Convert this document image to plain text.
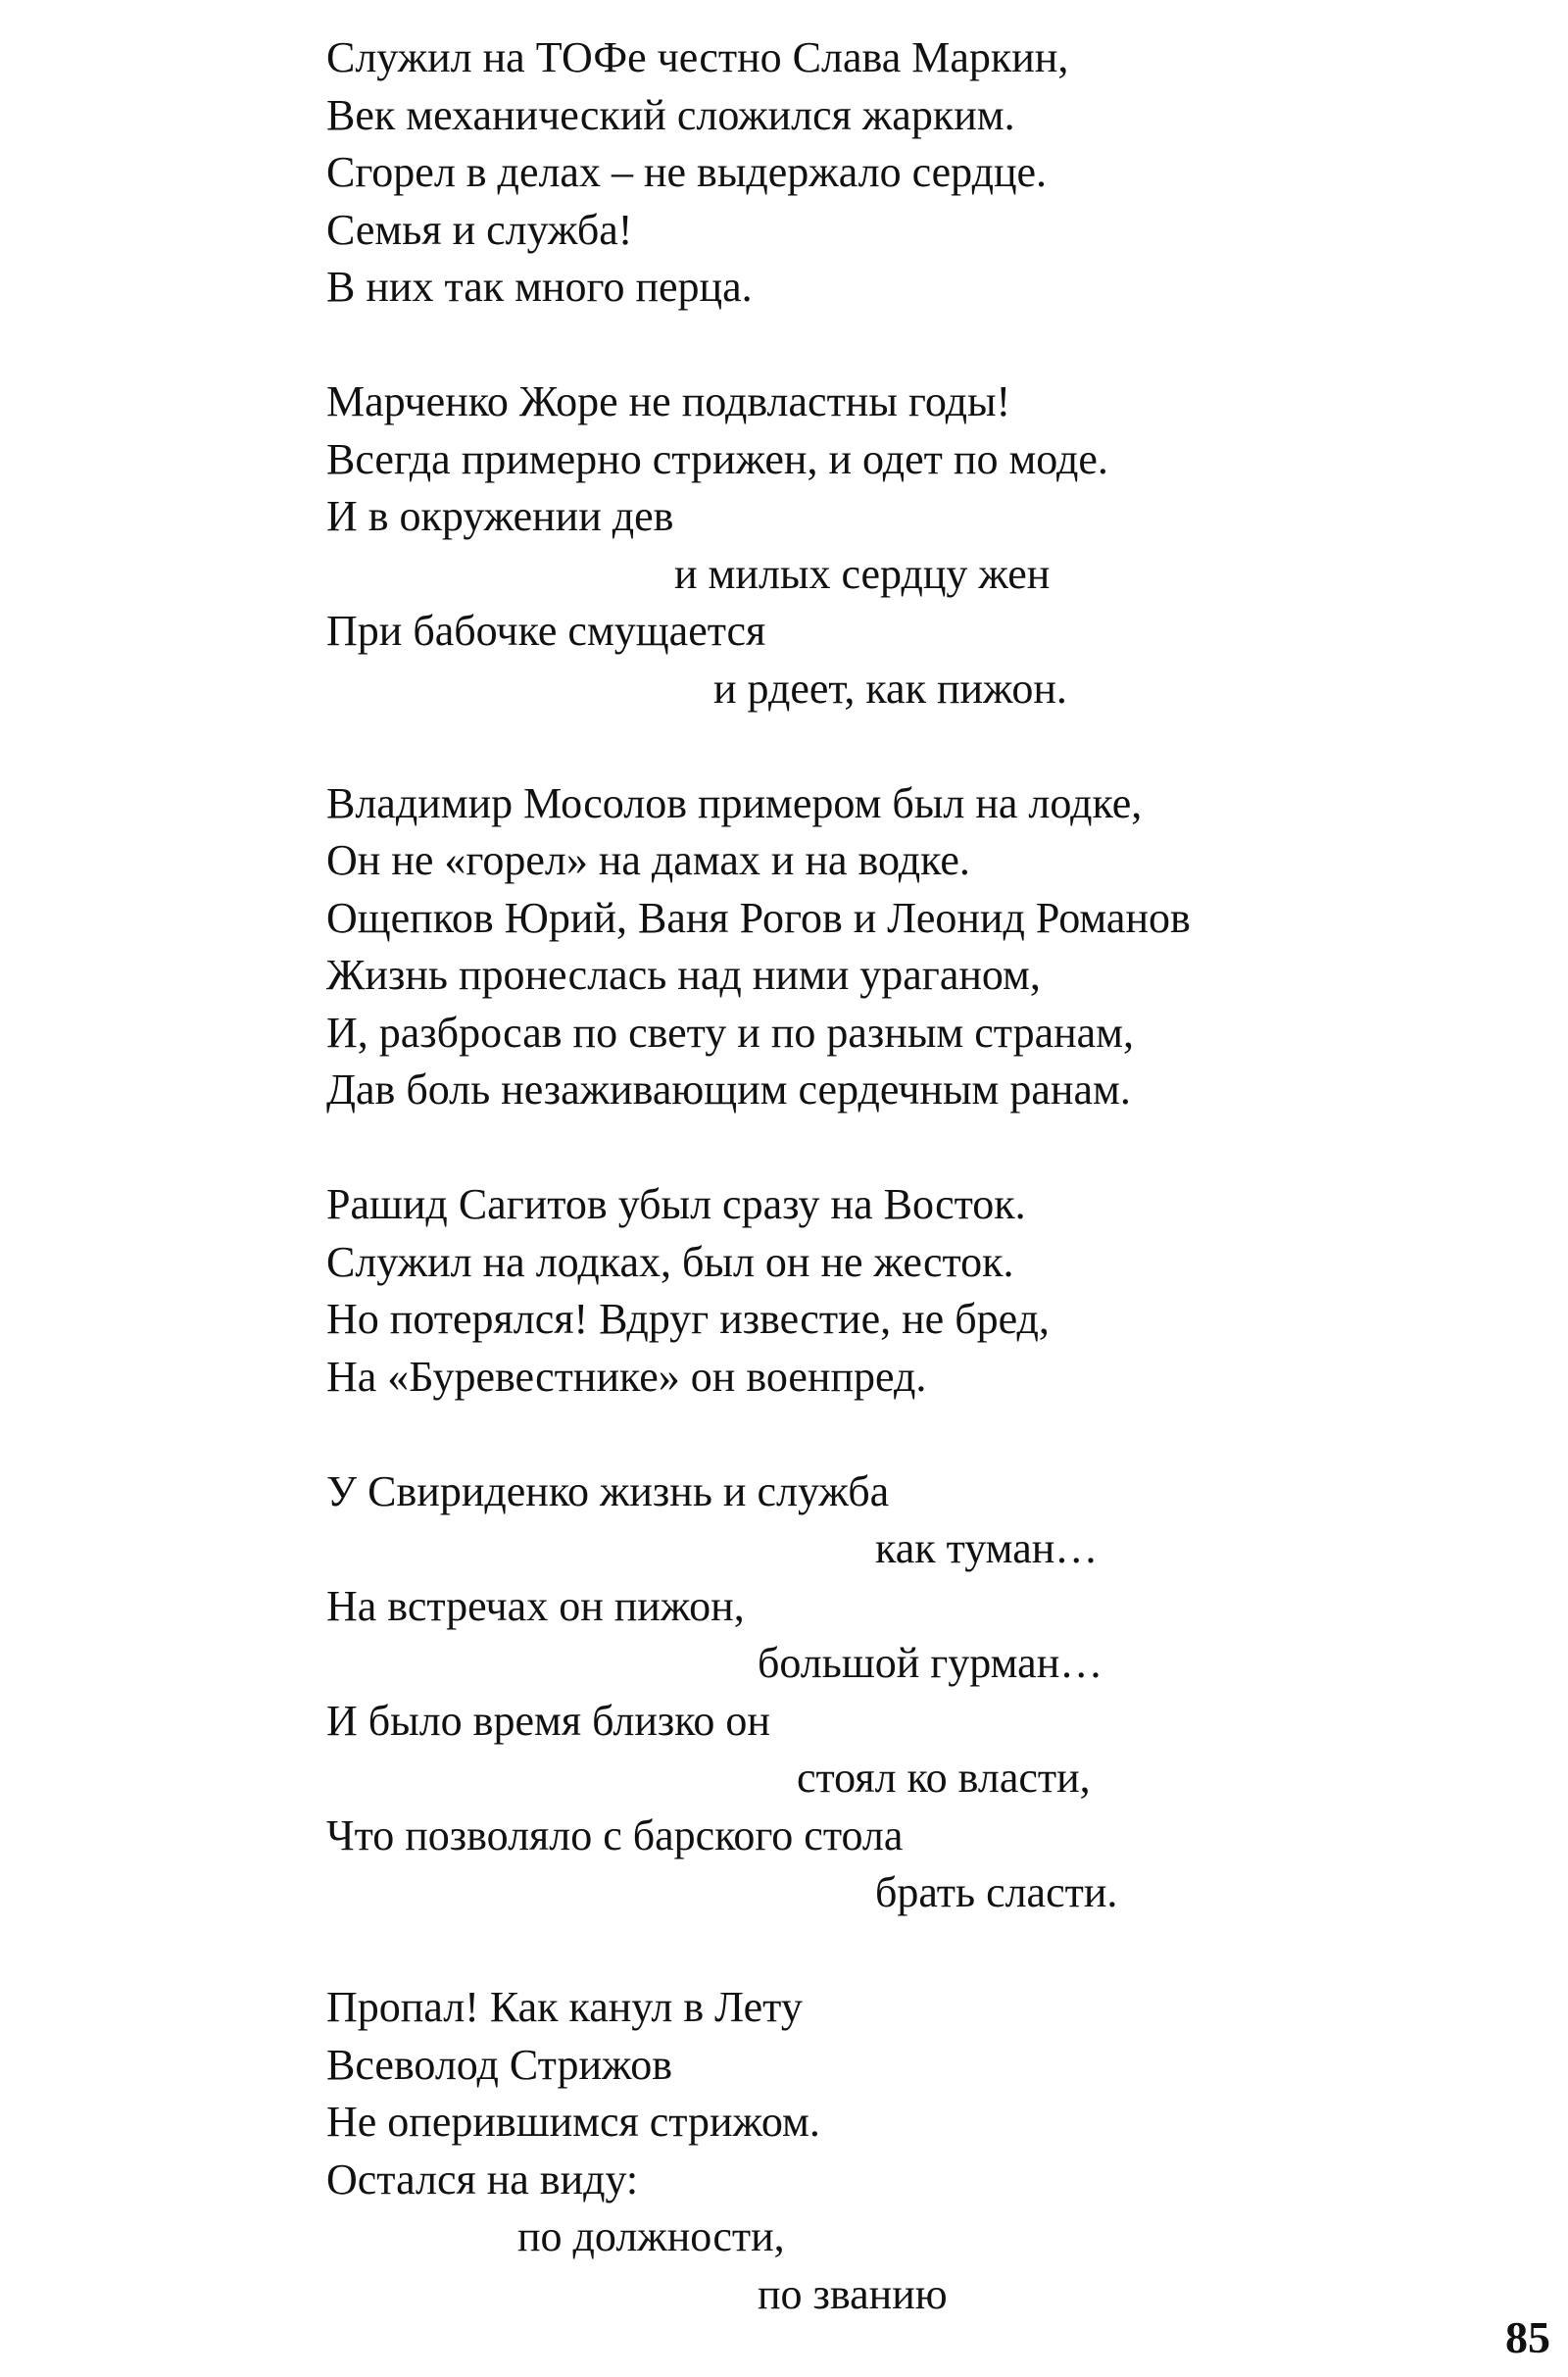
Служил на ТОФе честно Слава Маркин,
Век механический сложился жарким.
Сгорел в делах – не выдержало сердце.
Семья и служба!
В них так много перца.
Марченко Жоре не подвластны годы!
Всегда примерно стрижен, и одет по моде.
И в окружении дев
и милых сердцу жен
При бабочке смущается
и рдеет, как пижон.
Владимир Мосолов примером был на лодке,
Он не «горел» на дамах и на водке.
Ощепков Юрий, Ваня Рогов и Леонид Романов
Жизнь пронеслась над ними ураганом,
И, разбросав по свету и по разным странам,
Дав боль незаживающим сердечным ранам.
Рашид Сагитов убыл сразу на Восток.
Служил на лодках, был он не жесток.
Но потерялся! Вдруг известие, не бред,
На «Буревестнике» он военпред.
У Свириденко жизнь и служба
как туман…
На встречах он пижон,
большой гурман…
И было время близко он
стоял ко власти,
Что позволяло с барского стола
брать сласти.
Пропал! Как канул в Лету
Всеволод Стрижов
Не оперившимся стрижом.
Остался на виду:
по должности,
по званию
85
